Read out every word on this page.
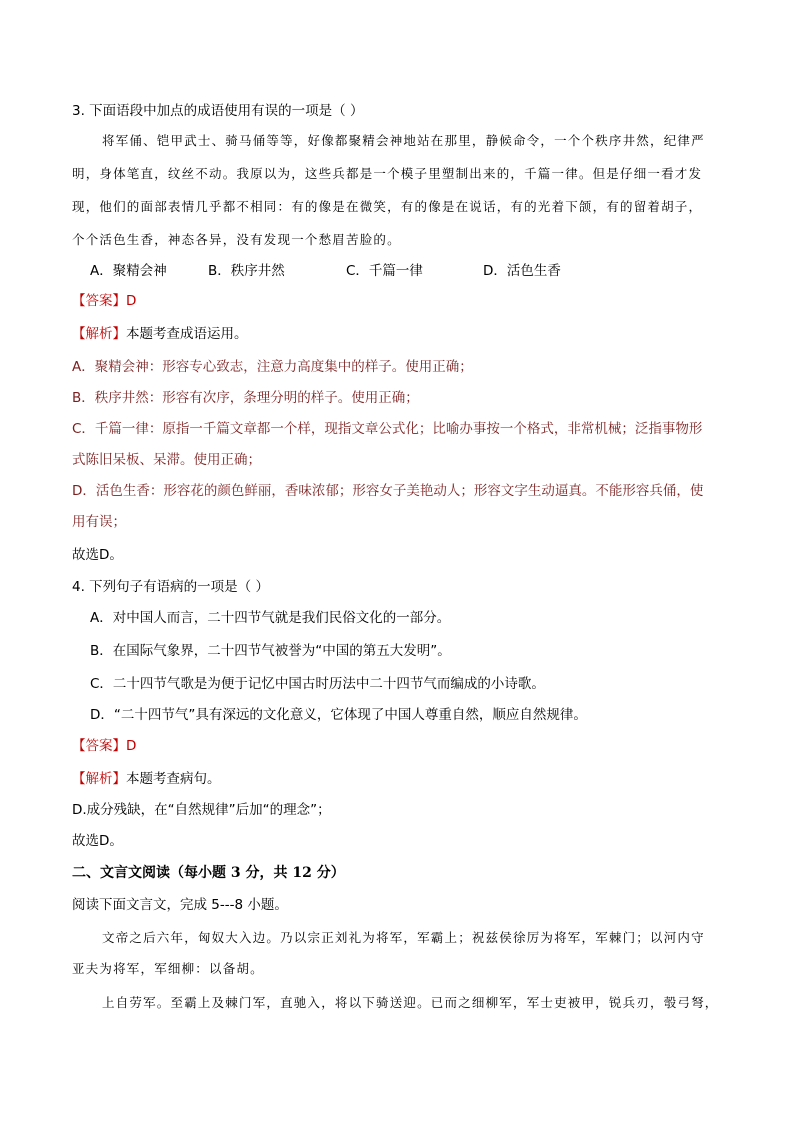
3. 下面语段中加点的成语使用有误的一项是（ ）
将军俑、铠甲武士、骑马俑等等，好像都聚精会神地站在那里，静候命令，一个个秩序井然，纪律严
明，身体笔直，纹丝不动。我原以为，这些兵都是一个模子里塑制出来的，千篇一律。但是仔细一看才发
现，他们的面部表情几乎都不相同：有的像是在微笑，有的像是在说话，有的光着下颌，有的留着胡子，
个个活色生香，神态各异，没有发现一个愁眉苦脸的。
A．聚精会神	B．秩序井然	C．千篇一律	D．活色生香
【答案】D
【解析】本题考查成语运用。
A．聚精会神：形容专心致志，注意力高度集中的样子。使用正确；
B．秩序井然：形容有次序，条理分明的样子。使用正确；
C．千篇一律：原指一千篇文章都一个样，现指文章公式化；比喻办事按一个格式，非常机械；泛指事物形
式陈旧呆板、呆滞。使用正确；
D．活色生香：形容花的颜色鲜丽，香味浓郁；形容女子美艳动人；形容文字生动逼真。不能形容兵俑，使
用有误；
故选D。
4. 下列句子有语病的一项是（ ）
A．对中国人而言，二十四节气就是我们民俗文化的一部分。
B．在国际气象界，二十四节气被誉为“中国的第五大发明”。
C．二十四节气歌是为便于记忆中国古时历法中二十四节气而编成的小诗歌。
D．“二十四节气”具有深远的文化意义，它体现了中国人尊重自然，顺应自然规律。
【答案】D
【解析】本题考查病句。
D.成分残缺，在“自然规律”后加“的理念”；
故选D。
二、文言文阅读（每小题 3 分，共 12 分）
阅读下面文言文，完成 5---8 小题。
文帝之后六年，匈奴大入边。乃以宗正刘礼为将军，军霸上；祝兹侯徐厉为将军，军棘门；以河内守
亚夫为将军，军细柳：以备胡。
上自劳军。至霸上及棘门军，直驰入，将以下骑送迎。已而之细柳军，军士吏被甲，锐兵刃，彀弓弩，
